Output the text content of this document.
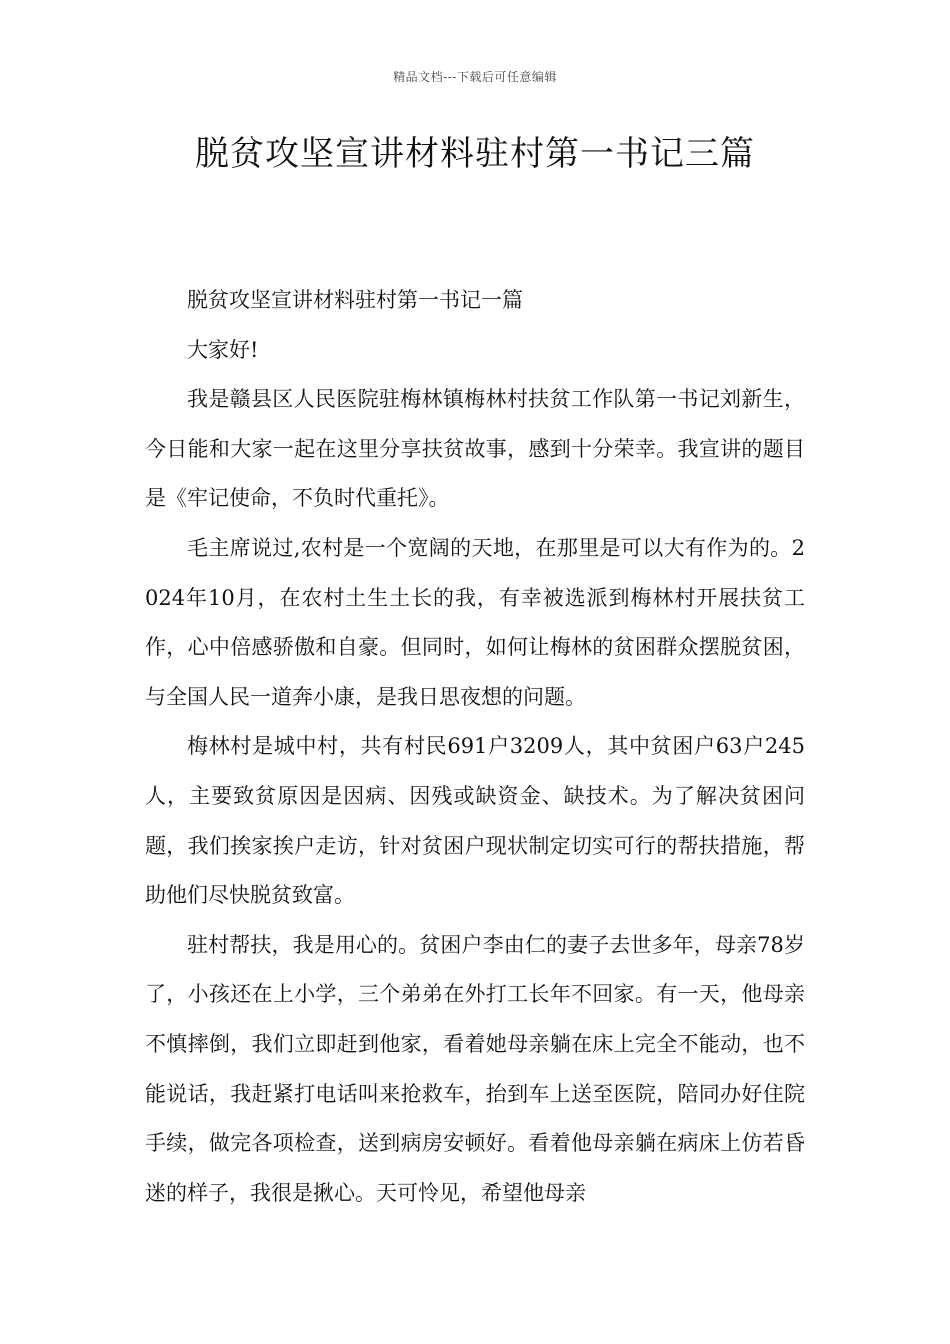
精品文档---下载后可任意编辑
脱贫攻坚宣讲材料驻村第一书记三篇

脱贫攻坚宣讲材料驻村第一书记一篇

大家好!

我是赣县区人民医院驻梅林镇梅林村扶贫工作队第一书记刘新生，今日能和大家一起在这里分享扶贫故事，感到十分荣幸。我宣讲的题目是《牢记使命，不负时代重托》。

毛主席说过,农村是一个宽阔的天地，在那里是可以大有作为的。2024年10月，在农村土生土长的我，有幸被选派到梅林村开展扶贫工作，心中倍感骄傲和自豪。但同时，如何让梅林的贫困群众摆脱贫困，与全国人民一道奔小康，是我日思夜想的问题。

梅林村是城中村，共有村民691户3209人，其中贫困户63户245人，主要致贫原因是因病、因残或缺资金、缺技术。为了解决贫困问题，我们挨家挨户走访，针对贫困户现状制定切实可行的帮扶措施，帮助他们尽快脱贫致富。

驻村帮扶，我是用心的。贫困户李由仁的妻子去世多年，母亲78岁了，小孩还在上小学，三个弟弟在外打工长年不回家。有一天，他母亲不慎摔倒，我们立即赶到他家，看着她母亲躺在床上完全不能动，也不能说话，我赶紧打电话叫来抢救车，抬到车上送至医院，陪同办好住院手续，做完各项检查，送到病房安顿好。看着他母亲躺在病床上仿若昏迷的样子，我很是揪心。天可怜见，希望他母亲
